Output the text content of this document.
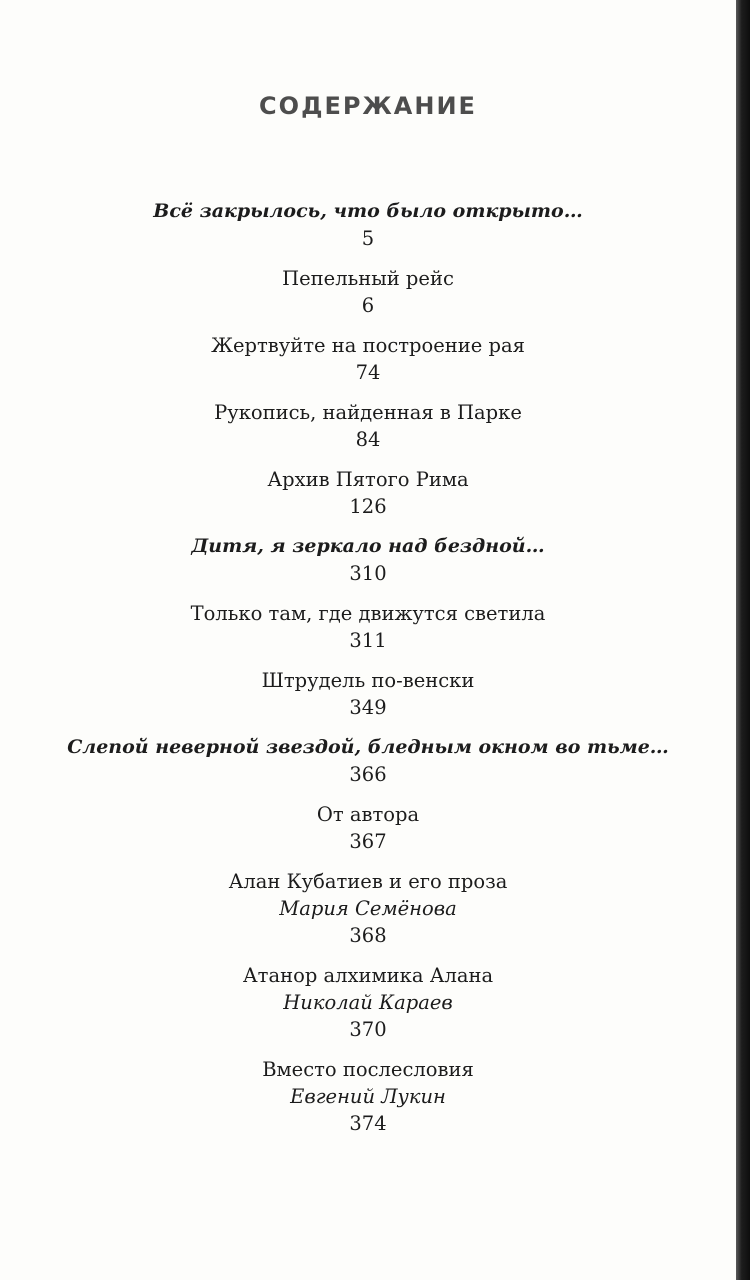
СОДЕРЖАНИЕ
Всё закрылось, что было открыто…
5
Пепельный рейс
6
Жертвуйте на построение рая
74
Рукопись, найденная в Парке
84
Архив Пятого Рима
126
Дитя, я зеркало над бездной…
310
Только там, где движутся светила
311
Штрудель по-венски
349
Слепой неверной звездой, бледным окном во тьме…
366
От автора
367
Алан Кубатиев и его проза
Мария Семёнова
368
Атанор алхимика Алана
Николай Караев
370
Вместо послесловия
Евгений Лукин
374
